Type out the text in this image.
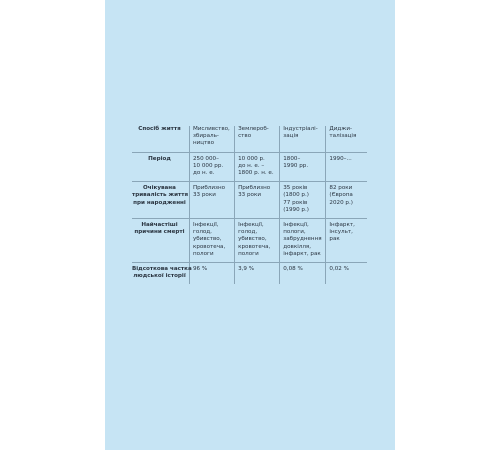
Спосіб життя	Мисливство,
збираль-
ництво	Землероб-
ство	Індустріалі-
зація	Диджи-
талізація

Період	250 000–
10 000 рр.
до н. е.	10 000 р.
до н. е. –
1800 р. н. е.	1800–
1990 рр.	1990–...

Очікувана
тривалість життя
при народженні	Приблизно
33 роки	Приблизно
33 роки	35 років
(1800 р.)
77 років
(1990 р.)	82 роки
(Європа
2020 р.)

Найчастіші
причини смерті	Інфекції,
голод,
убивство,
кровотеча,
пологи	Інфекції,
голод,
убивство,
кровотеча,
пологи	Інфекції,
пологи,
забруднення
довкілля,
інфаркт, рак	Інфаркт,
інсульт,
рак

Відсоткова частка
людської історії	96 %	3,9 %	0,08 %	0,02 %
